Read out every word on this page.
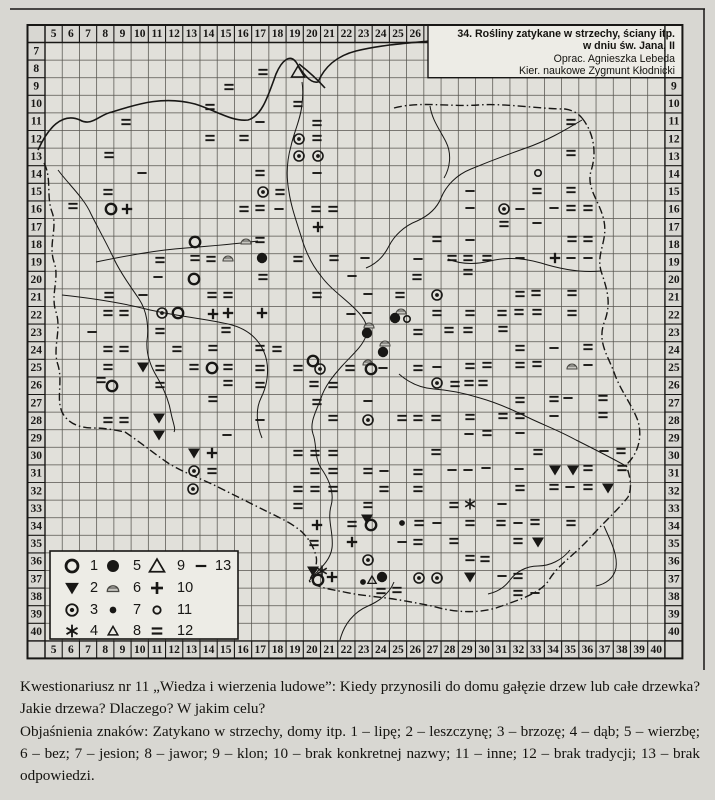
1 5 9 13
2 6 10
3 7 11
4 8 12
5 6 7 8 9 10 11 12 13 14 15 16 17 18 19 20 21 22 23 24 25 26
5 6 7 8 9 10 11 12 13 14 15 16 17 18 19 20 21 22 23 24 25 26 27 28 29 30 31 32 33 34 35 36 37 38 39 40
7
8
9
10
11
12
13
14
15
16
17
18
19
20
21
22
23
24
25
26
27
28
29
30
31
32
33
34
35
36
37
38
39
40
9
10
11
12
13
14
15
16
17
18
19
20
21
22
23
24
25
26
27
28
29
30
31
32
33
34
35
36
37
38
39
40
34. Rośliny zatykane w strzechy, ściany itp.
w dniu św. Jana, II
Oprac. Agnieszka Lebeda
Kier. naukowe Zygmunt Kłodnicki

Kwestionariusz nr 11 „Wiedza i wierzenia ludowe”: Kiedy przynosili do domu gałęzie drzew lub całe drzewka? Jakie drzewa? Dlaczego? W jakim celu?

Objaśnienia znaków: Zatykano w strzechy, domy itp. 1 – lipę; 2 – leszczynę; 3 – brzozę; 4 – dąb; 5 – wierzbę; 6 – bez; 7 – jesion; 8 – jawor; 9 – klon; 10 – brak konkretnej nazwy; 11 – inne; 12 – brak tradycji; 13 – brak odpowiedzi.
